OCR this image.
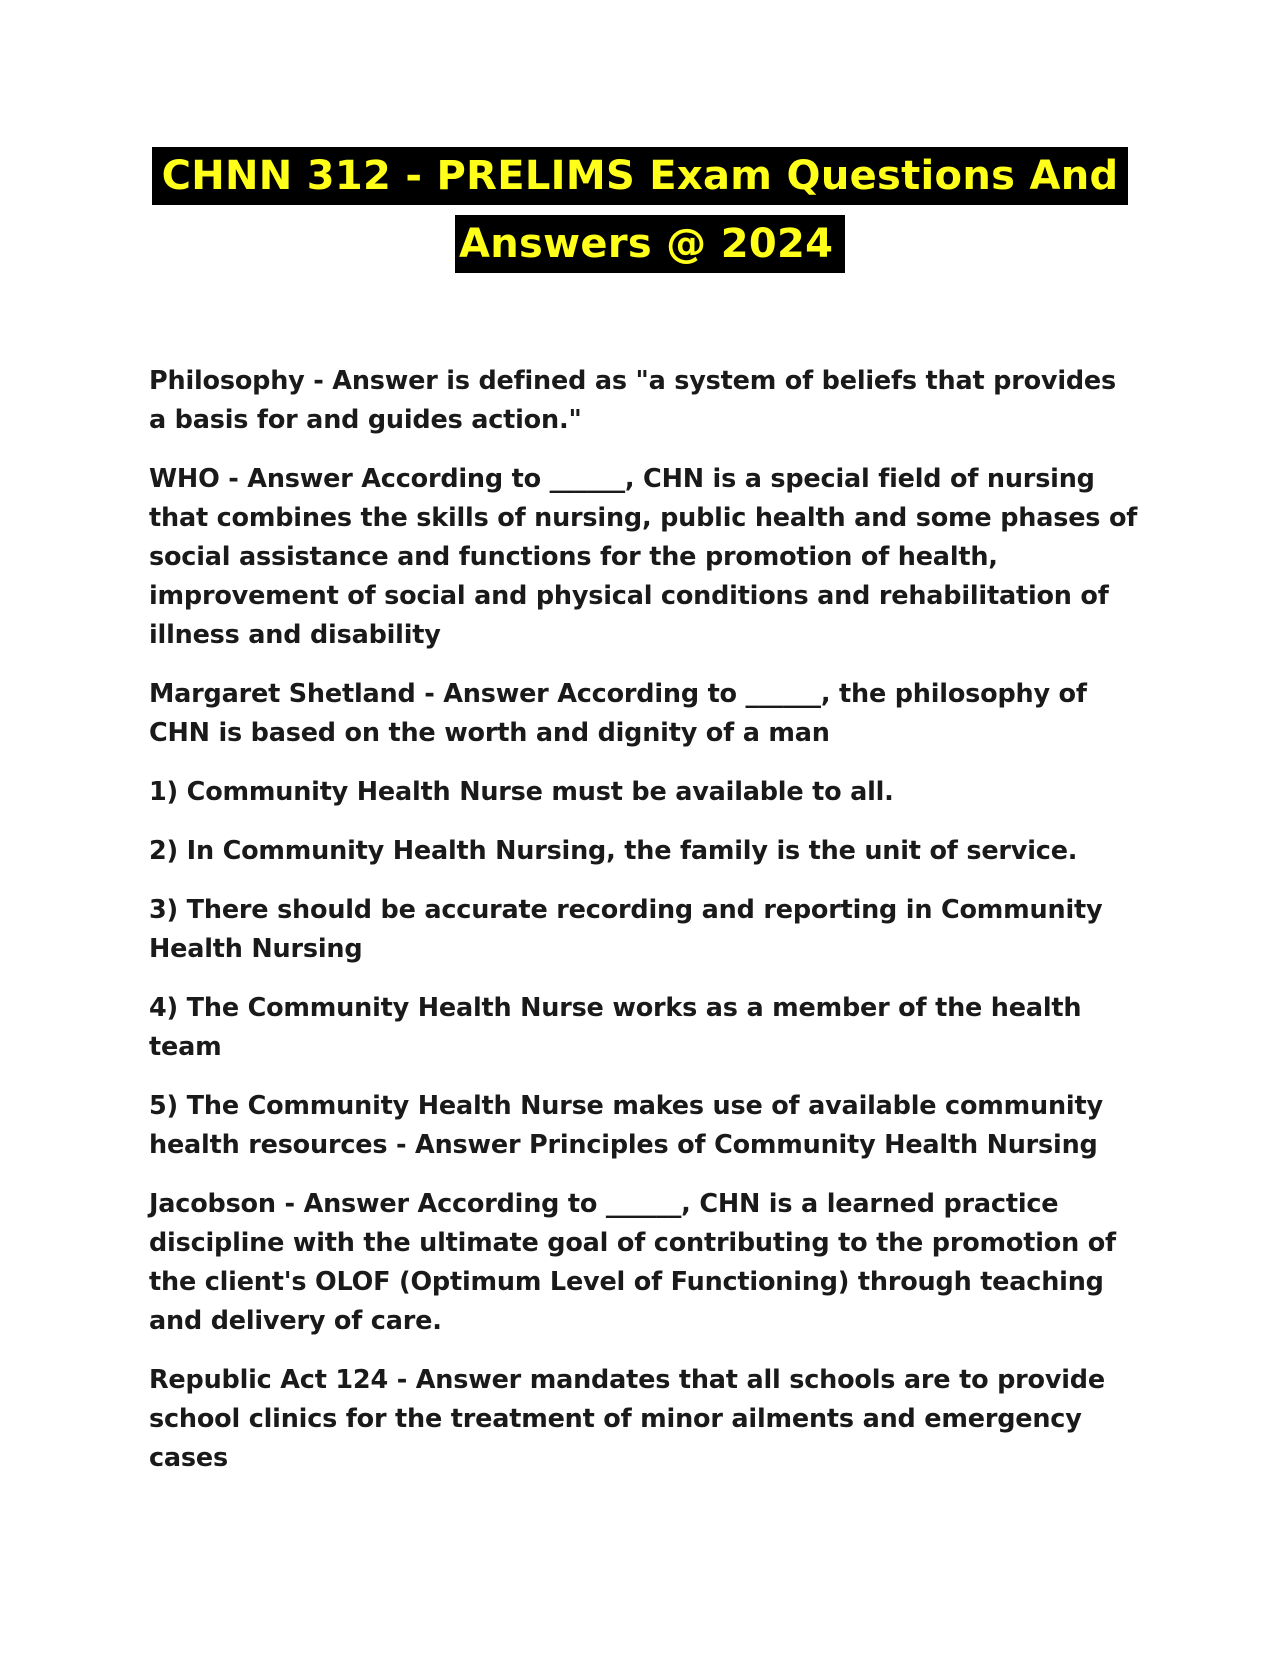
CHNN 312 - PRELIMS Exam Questions And
Answers @ 2024

Philosophy - Answer is defined as "a system of beliefs that provides a basis for and guides action."

WHO - Answer According to ______, CHN is a special field of nursing that combines the skills of nursing, public health and some phases of social assistance and functions for the promotion of health, improvement of social and physical conditions and rehabilitation of illness and disability

Margaret Shetland - Answer According to ______, the philosophy of CHN is based on the worth and dignity of a man

1) Community Health Nurse must be available to all.

2) In Community Health Nursing, the family is the unit of service.

3) There should be accurate recording and reporting in Community Health Nursing

4) The Community Health Nurse works as a member of the health team

5) The Community Health Nurse makes use of available community health resources - Answer Principles of Community Health Nursing

Jacobson - Answer According to ______, CHN is a learned practice discipline with the ultimate goal of contributing to the promotion of the client's OLOF (Optimum Level of Functioning) through teaching and delivery of care.

Republic Act 124 - Answer mandates that all schools are to provide school clinics for the treatment of minor ailments and emergency cases
